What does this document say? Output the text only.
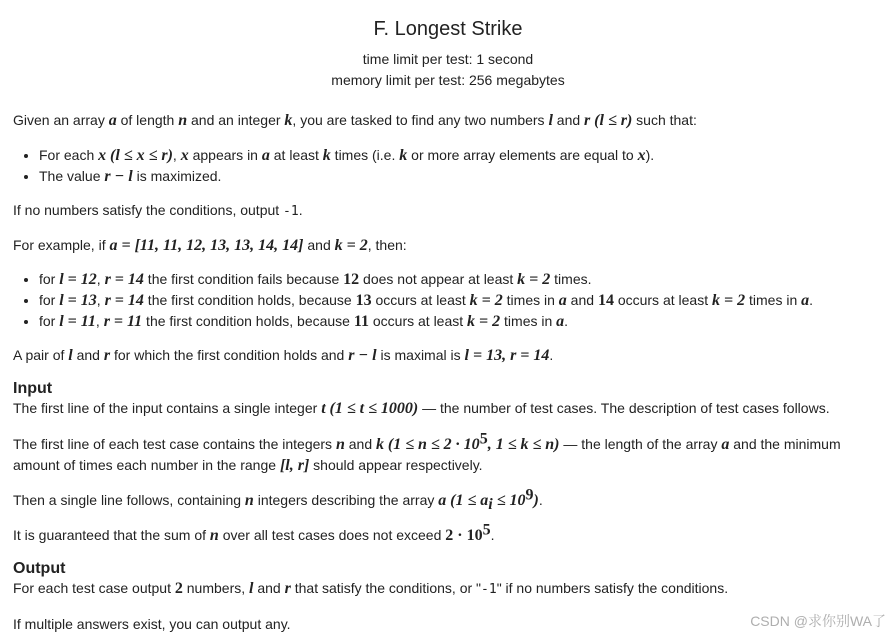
F. Longest Strike
time limit per test: 1 second
memory limit per test: 256 megabytes

Given an array a of length n and an integer k, you are tasked to find any two numbers l and r (l ≤ r) such that:

• For each x (l ≤ x ≤ r), x appears in a at least k times (i.e. k or more array elements are equal to x).
• The value r − l is maximized.

If no numbers satisfy the conditions, output -1.

For example, if a = [11, 11, 12, 13, 13, 14, 14] and k = 2, then:

• for l = 12, r = 14 the first condition fails because 12 does not appear at least k = 2 times.
• for l = 13, r = 14 the first condition holds, because 13 occurs at least k = 2 times in a and 14 occurs at least k = 2 times in a.
• for l = 11, r = 11 the first condition holds, because 11 occurs at least k = 2 times in a.

A pair of l and r for which the first condition holds and r − l is maximal is l = 13, r = 14.

Input

The first line of the input contains a single integer t (1 ≤ t ≤ 1000) — the number of test cases. The description of test cases follows.

The first line of each test case contains the integers n and k ($1 \le n \le 2 \cdot 10^5$, 1 ≤ k ≤ n) — the length of the array a and the minimum amount of times each number in the range [l, r] should appear respectively.

Then a single line follows, containing n integers describing the array a $(1 \le a_i \le 10^9)$.

It is guaranteed that the sum of n over all test cases does not exceed $2 \cdot 10^5$.

Output

For each test case output 2 numbers, l and r that satisfy the conditions, or "-1" if no numbers satisfy the conditions.

If multiple answers exist, you can output any.	CSDN @求你别WA了
